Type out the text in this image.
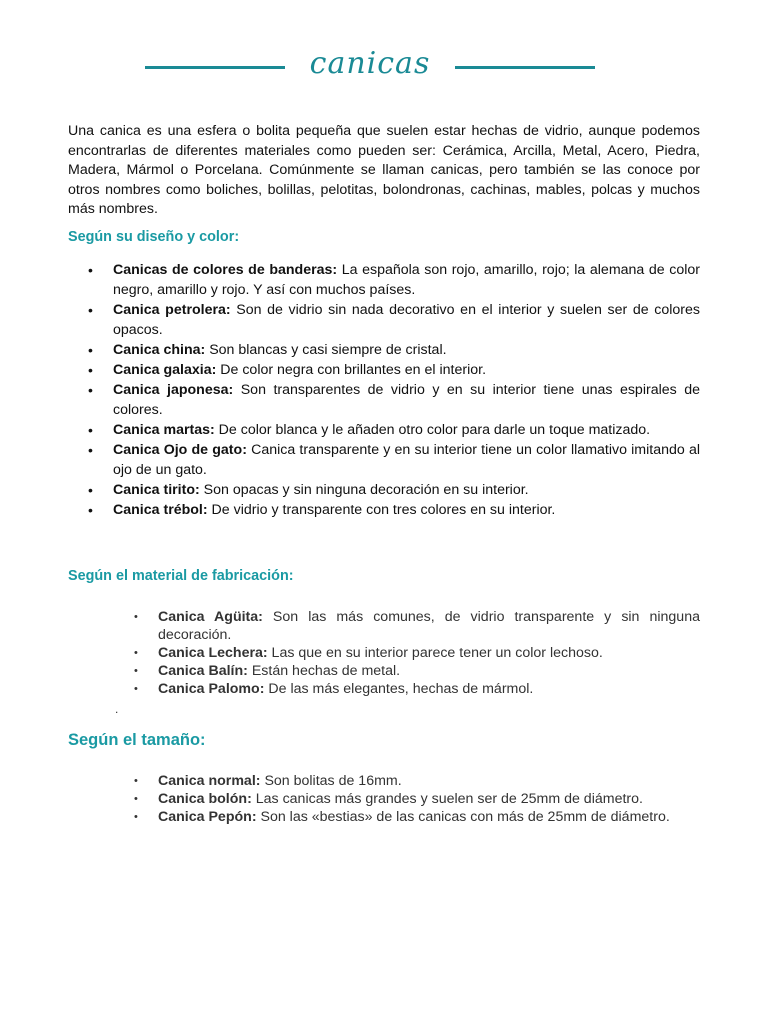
canicas

Una canica es una esfera o bolita pequeña que suelen estar hechas de vidrio, aunque podemos encontrarlas de diferentes materiales como pueden ser: Cerámica, Arcilla, Metal, Acero, Piedra, Madera, Mármol o Porcelana. Comúnmente se llaman canicas, pero también se las conoce por otros nombres como boliches, bolillas, pelotitas, bolondronas, cachinas, mables, polcas y muchos más nombres.

Según su diseño y color:
• Canicas de colores de banderas: La española son rojo, amarillo, rojo; la alemana de color negro, amarillo y rojo. Y así con muchos países.
• Canica petrolera: Son de vidrio sin nada decorativo en el interior y suelen ser de colores opacos.
• Canica china: Son blancas y casi siempre de cristal.
• Canica galaxia: De color negra con brillantes en el interior.
• Canica japonesa: Son transparentes de vidrio y en su interior tiene unas espirales de colores.
• Canica martas: De color blanca y le añaden otro color para darle un toque matizado.
• Canica Ojo de gato: Canica transparente y en su interior tiene un color llamativo imitando al ojo de un gato.
• Canica tirito: Son opacas y sin ninguna decoración en su interior.
• Canica trébol: De vidrio y transparente con tres colores en su interior.
Según el material de fabricación:
• Canica Agüita: Son las más comunes, de vidrio transparente y sin ninguna decoración.
• Canica Lechera: Las que en su interior parece tener un color lechoso.
• Canica Balín: Están hechas de metal.
• Canica Palomo: De las más elegantes, hechas de mármol.
.
Según el tamaño:
• Canica normal: Son bolitas de 16mm.
• Canica bolón: Las canicas más grandes y suelen ser de 25mm de diámetro.
• Canica Pepón: Son las «bestias» de las canicas con más de 25mm de diámetro.
